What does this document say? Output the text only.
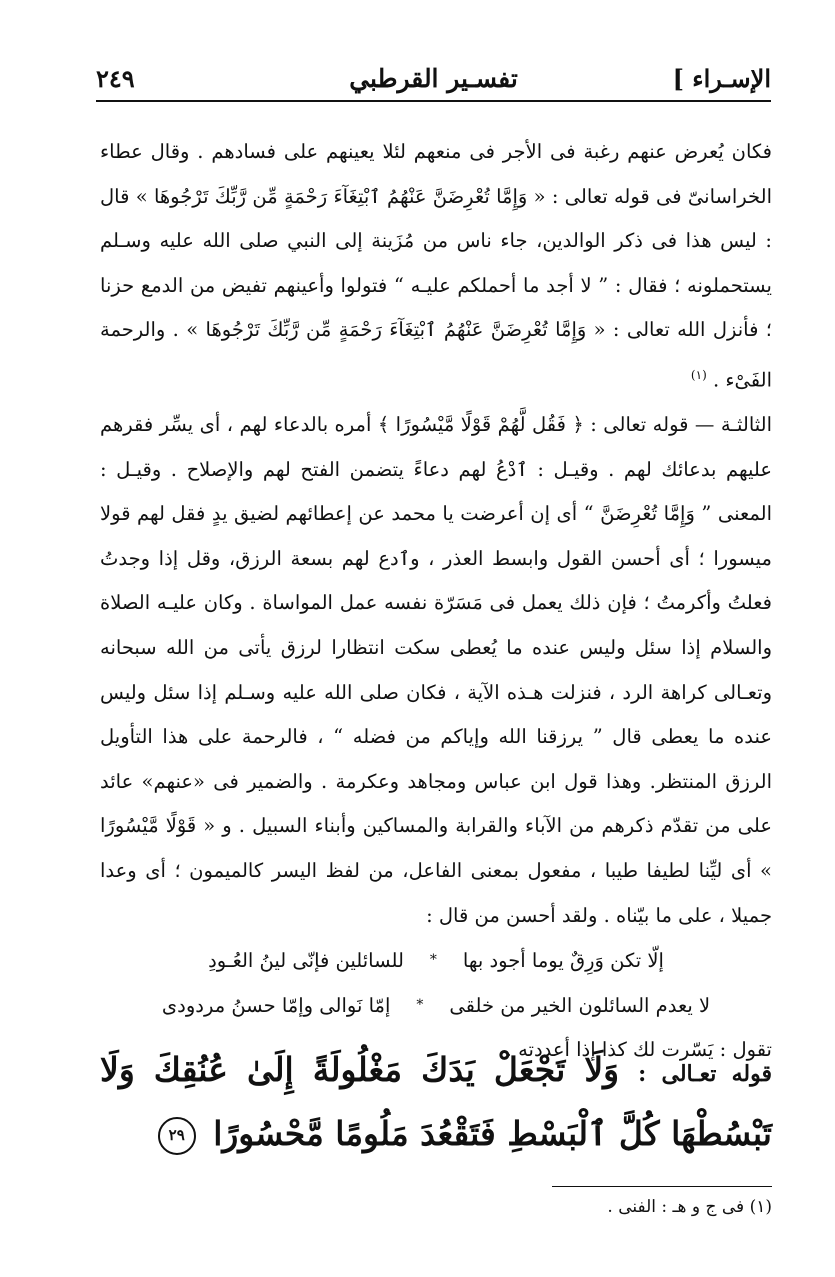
الإسـراء ]
تفسـير القرطبي
٢٤٩

فكان يُعرض عنهم رغبة فى الأجر فى منعهم لئلا يعينهم على فسادهم . وقال عطاء الخراسانىّ فى قوله تعالى : « وَإِمَّا تُعْرِضَنَّ عَنْهُمُ ٱبْتِغَآءَ رَحْمَةٍ مِّن رَّبِّكَ تَرْجُوهَا » قال : ليس هذا فى ذكر الوالدين، جاء ناس من مُزَينة إلى النبي صلى الله عليه وسـلم يستحملونه ؛ فقال : ” لا أجد ما أحملكم عليـه “ فتولوا وأعينهم تفيض من الدمع حزنا ؛ فأنزل الله تعالى : « وَإِمَّا تُعْرِضَنَّ عَنْهُمُ ٱبْتِغَآءَ رَحْمَةٍ مِّن رَّبِّكَ تَرْجُوهَا » . والرحمة الفَىْء . $^{(١)}$

الثالثـة — قوله تعالى : ﴿ فَقُل لَّهُمْ قَوْلًا مَّيْسُورًا ﴾ أمره بالدعاء لهم ، أى يسِّر فقرهم عليهم بدعائك لهم . وقيـل : ٱدْعُ لهم دعاءً يتضمن الفتح لهم والإصلاح . وقيـل : المعنى ” وَإِمَّا تُعْرِضَنَّ “ أى إن أعرضت يا محمد عن إعطائهم لضيق يدٍ فقل لهم قولا ميسورا ؛ أى أحسن القول وابسط العذر ، وٱدع لهم بسعة الرزق، وقل إذا وجدتُ فعلتُ وأكرمتُ ؛ فإن ذلك يعمل فى مَسَرّة نفسه عمل المواساة . وكان عليـه الصلاة والسلام إذا سئل وليس عنده ما يُعطى سكت انتظارا لرزق يأتى من الله سبحانه وتعـالى كراهة الرد ، فنزلت هـذه الآية ، فكان صلى الله عليه وسـلم إذا سئل وليس عنده ما يعطى قال ” يرزقنا الله وإياكم من فضله “ ، فالرحمة على هذا التأويل الرزق المنتظر. وهذا قول ابن عباس ومجاهد وعكرمة . والضمير فى «عنهم» عائد على من تقدّم ذكرهم من الآباء والقرابة والمساكين وأبناء السبيل . و « قَوْلًا مَّيْسُورًا » أى ليِّنا لطيفا طيبا ، مفعول بمعنى الفاعل، من لفظ اليسر كالميمون ؛ أى وعدا جميلا ، على ما بيّناه . ولقد أحسن من قال :

إلّا تكن وَرِقٌ يوما أجود بها
*
للسائلين فإنّى لينُ العُـودِ
لا يعدم السائلون الخير من خلقى
*
إمّا نَوالى وإمّا حسنُ مردودى

تقول : يَسّرت لك كذا إذا أعددته .

قوله تعـالى : وَلَا تَجْعَلْ يَدَكَ مَغْلُولَةً إِلَىٰ عُنُقِكَ وَلَا تَبْسُطْهَا كُلَّ ٱلْبَسْطِ فَتَقْعُدَ مَلُومًا مَّحْسُورًا ٢٩
(١) فى ج و هـ : الفنى .
